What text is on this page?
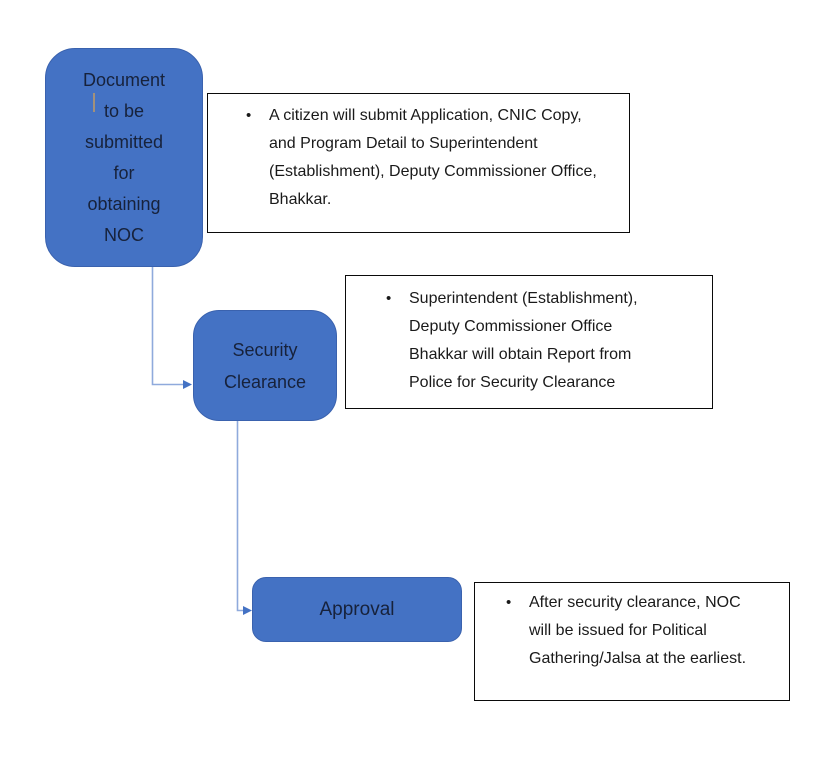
Document to be submitted for obtaining NOC
•	A citizen will submit Application, CNIC Copy, and Program Detail to Superintendent (Establishment), Deputy Commissioner Office, Bhakkar.
Security Clearance
•	Superintendent (Establishment), Deputy Commissioner Office Bhakkar will obtain Report from Police for Security Clearance
Approval	•	After security clearance, NOC will be issued for Political Gathering/Jalsa at the earliest.
